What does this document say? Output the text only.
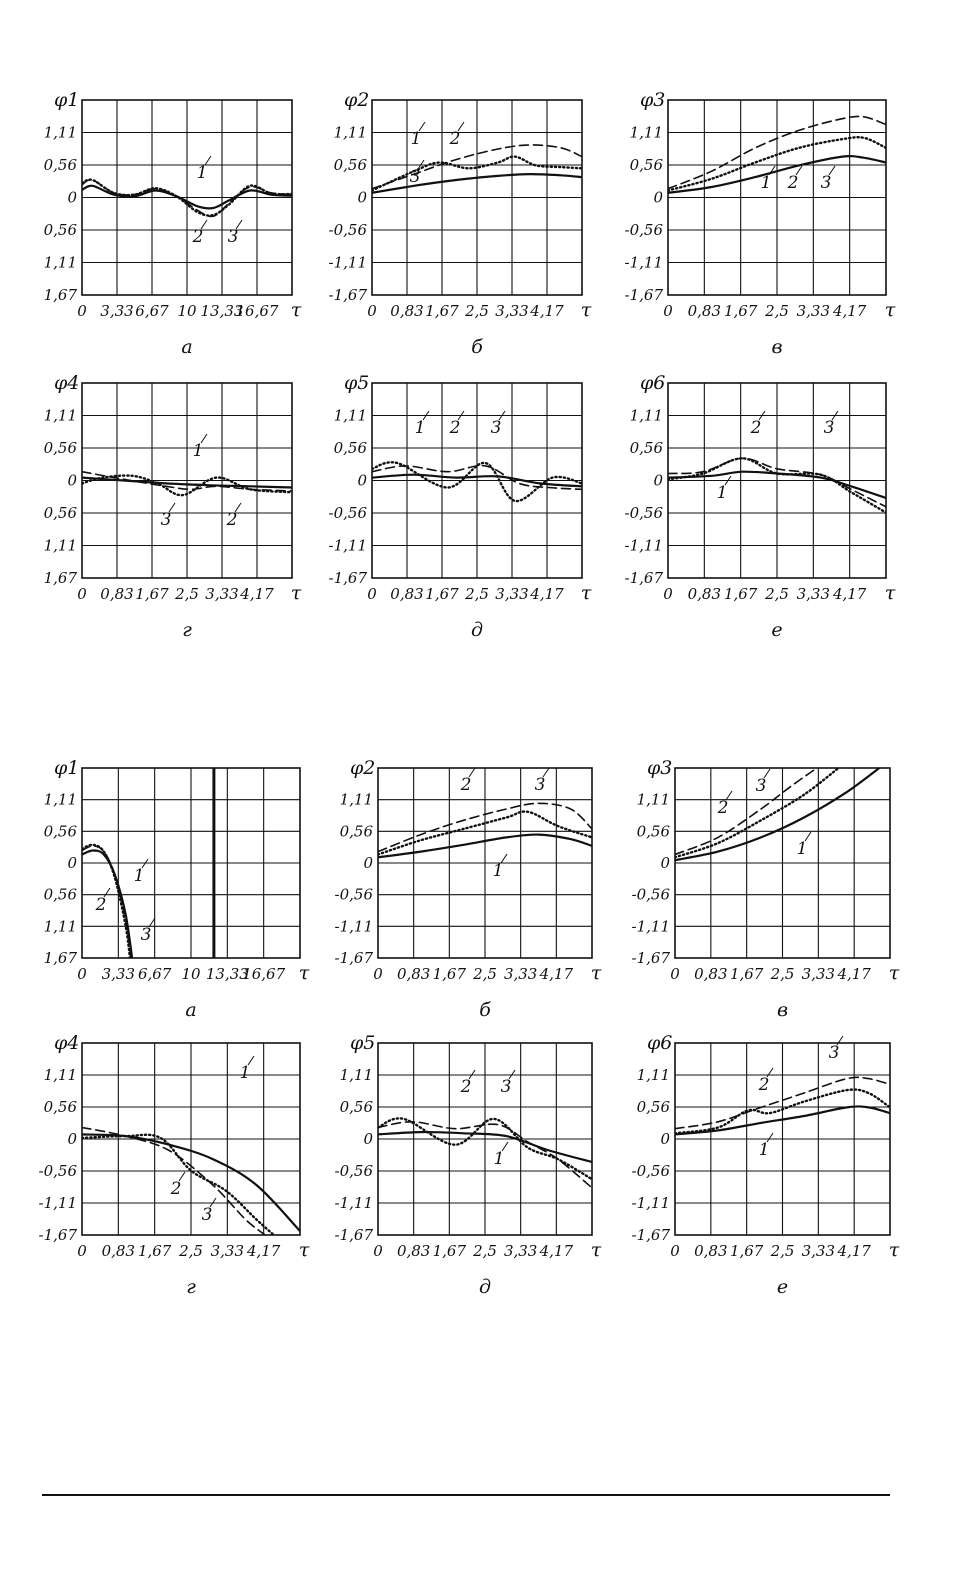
1,11
0,56
0
0,56
1,11
1,67
φ1
0 3,33 6,67 10 13,33
16,67 τ
а
1
2 3
1,11
0,56
0
-0,56
-1,11
-1,67
φ2
0 0,83 1,67 2,5 3,33 4,17 τ
б
1 2
3
1,11
0,56
0
-0,56
-1,11
-1,67
φ3
0 0,83 1,67 2,5 3,33 4,17 τ
в
1 2 3
1,11
0,56
0
0,56
1,11
1,67
φ4
0 0,83 1,67 2,5 3,33 4,17 τ
г
1
3	2
1,11
0,56
0
-0,56
-1,11
-1,67
φ5
0 0,83 1,67 2,5 3,33 4,17 τ
д
1 2 3
1,11
0,56
0
-0,56
-1,11
-1,67
φ6
0 0,83 1,67 2,5 3,33 4,17 τ
е
1
2	3
1,11
0,56
0
0,56
1,11
1,67
φ1
0 3,33 6,67 10 13,33
16,67 τ
а
1
2
3
1,11
0,56
0
-0,56
-1,11
-1,67
φ2
0 0,83 1,67 2,5 3,33 4,17 τ
б
2	3
1
1,11
0,56
0
-0,56
-1,11
-1,67
φ3
0 0,83 1,67 2,5 3,33 4,17 τ
в
2
3
1
1,11
0,56
0
-0,56
-1,11
-1,67
φ4
0 0,83 1,67 2,5 3,33 4,17 τ
г
1
2
3
1,11
0,56
0
-0,56
-1,11
-1,67
φ5
0 0,83 1,67 2,5 3,33 4,17 τ
д
2 3
1
1,11
0,56
0
-0,56
-1,11
-1,67
φ6
0 0,83 1,67 2,5 3,33 4,17 τ
е
3
2
1
